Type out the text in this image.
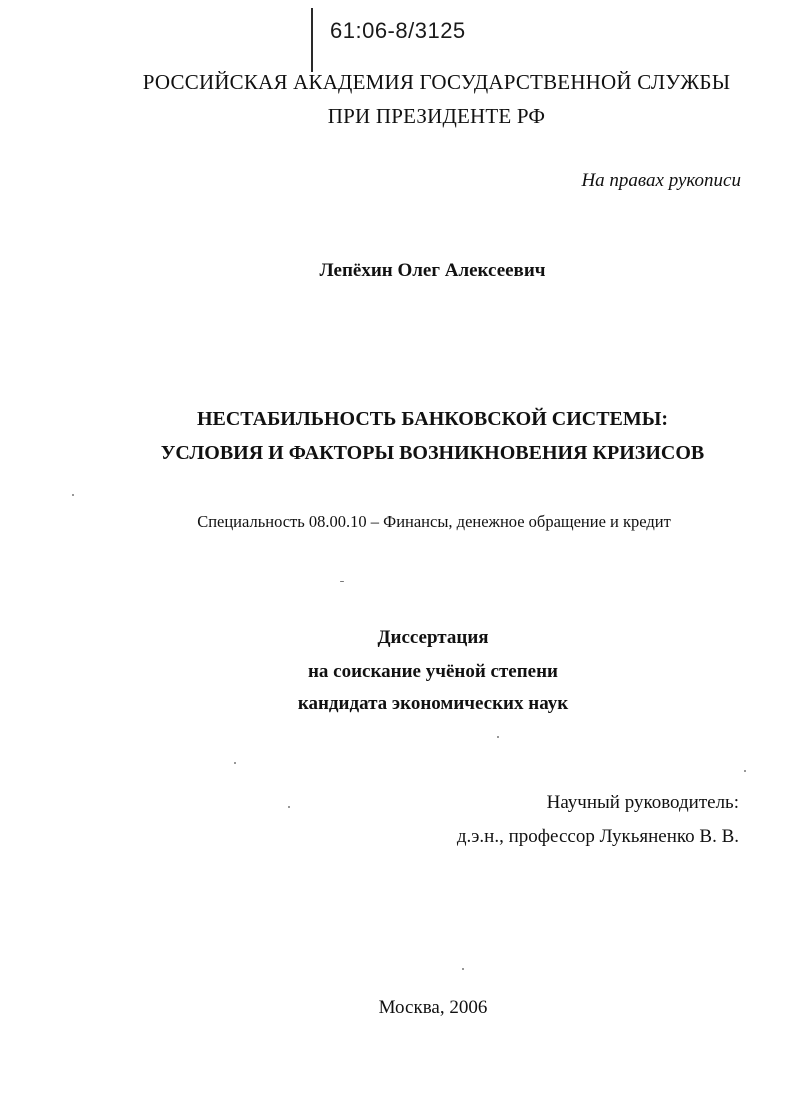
61:06-8/3125
РОССИЙСКАЯ АКАДЕМИЯ ГОСУДАРСТВЕННОЙ СЛУЖБЫ
ПРИ ПРЕЗИДЕНТЕ РФ
На правах рукописи
Лепёхин Олег Алексеевич
НЕСТАБИЛЬНОСТЬ БАНКОВСКОЙ СИСТЕМЫ:
УСЛОВИЯ И ФАКТОРЫ ВОЗНИКНОВЕНИЯ КРИЗИСОВ
Специальность 08.00.10 – Финансы, денежное обращение и кредит
Диссертация
на соискание учёной степени
кандидата экономических наук
Научный руководитель:
д.э.н., профессор Лукьяненко В. В.
Москва, 2006
